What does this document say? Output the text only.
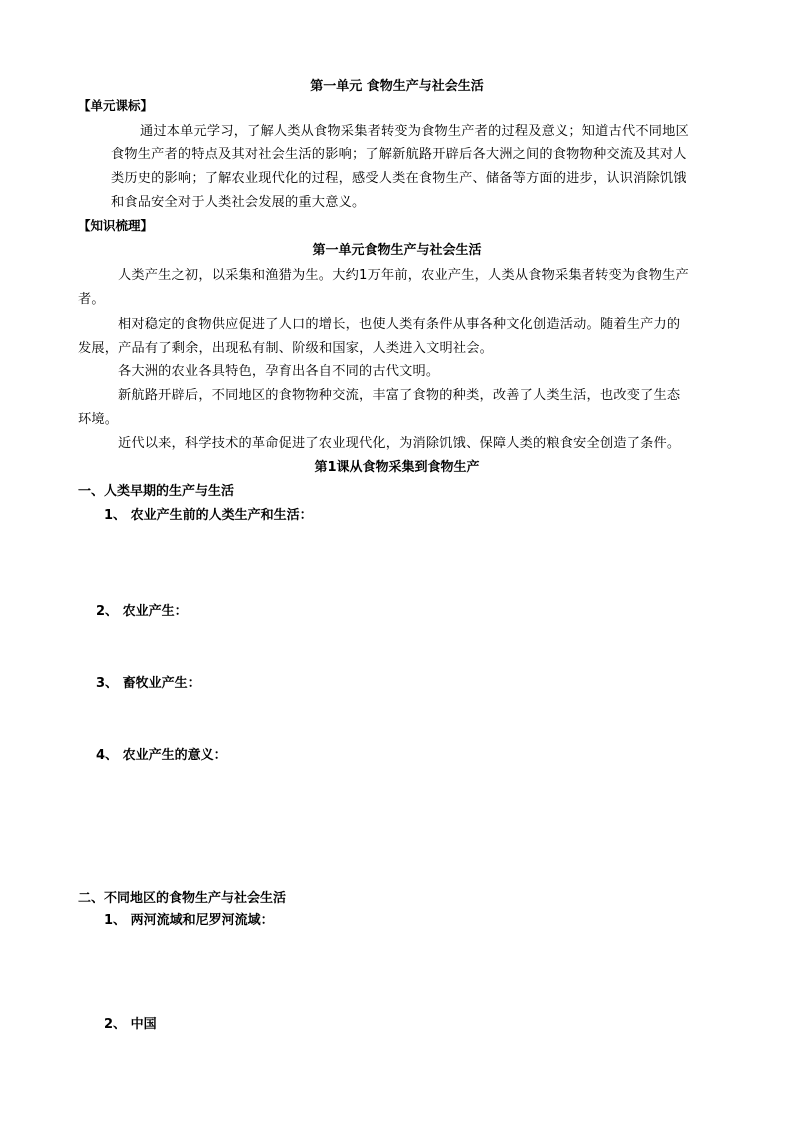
第一单元 食物生产与社会生活
【单元课标】
通过本单元学习，了解人类从食物采集者转变为食物生产者的过程及意义；知道古代不同地区
食物生产者的特点及其对社会生活的影响；了解新航路开辟后各大洲之间的食物物种交流及其对人
类历史的影响；了解农业现代化的过程，感受人类在食物生产、储备等方面的进步，认识消除饥饿
和食品安全对于人类社会发展的重大意义。
【知识梳理】
第一单元食物生产与社会生活
人类产生之初，以采集和渔猎为生。大约1万年前，农业产生，人类从食物采集者转变为食物生产
者。
相对稳定的食物供应促进了人口的增长，也使人类有条件从事各种文化创造活动。随着生产力的
发展，产品有了剩余，出现私有制、阶级和国家，人类进入文明社会。
各大洲的农业各具特色，孕育出各自不同的古代文明。
新航路开辟后，不同地区的食物物种交流，丰富了食物的种类，改善了人类生活，也改变了生态
环境。
近代以来，科学技术的革命促进了农业现代化，为消除饥饿、保障人类的粮食安全创造了条件。
第1课从食物采集到食物生产
一、人类早期的生产与生活
1、 农业产生前的人类生产和生活：
2、 农业产生：
3、 畜牧业产生：
4、 农业产生的意义：
二、不同地区的食物生产与社会生活
1、 两河流域和尼罗河流域：
2、 中国
